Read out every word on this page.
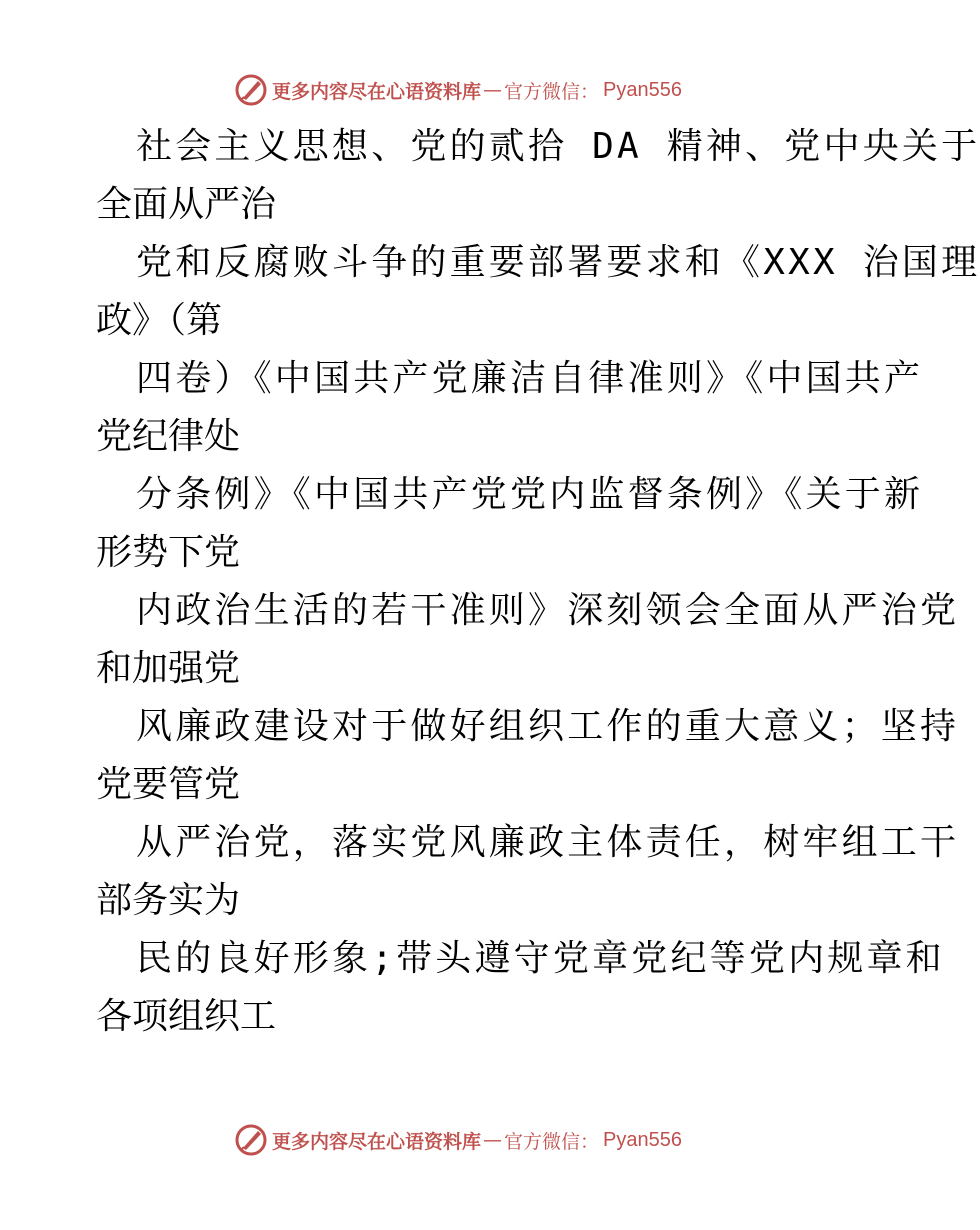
更多内容尽在心语资料库 — 官方微信： Pyan556
社会主义思想、党的贰拾 DA 精神、党中央关于
全面从严治
党和反腐败斗争的重要部署要求和《XXX 治国理
政》（第
四卷）《中国共产党廉洁自律准则》《中国共产
党纪律处
分条例》《中国共产党党内监督条例》《关于新
形势下党
内政治生活的若干准则》深刻领会全面从严治党
和加强党
风廉政建设对于做好组织工作的重大意义；坚持
党要管党
从严治党，落实党风廉政主体责任，树牢组工干
部务实为
民的良好形象;带头遵守党章党纪等党内规章和
各项组织工
更多内容尽在心语资料库 — 官方微信： Pyan556
